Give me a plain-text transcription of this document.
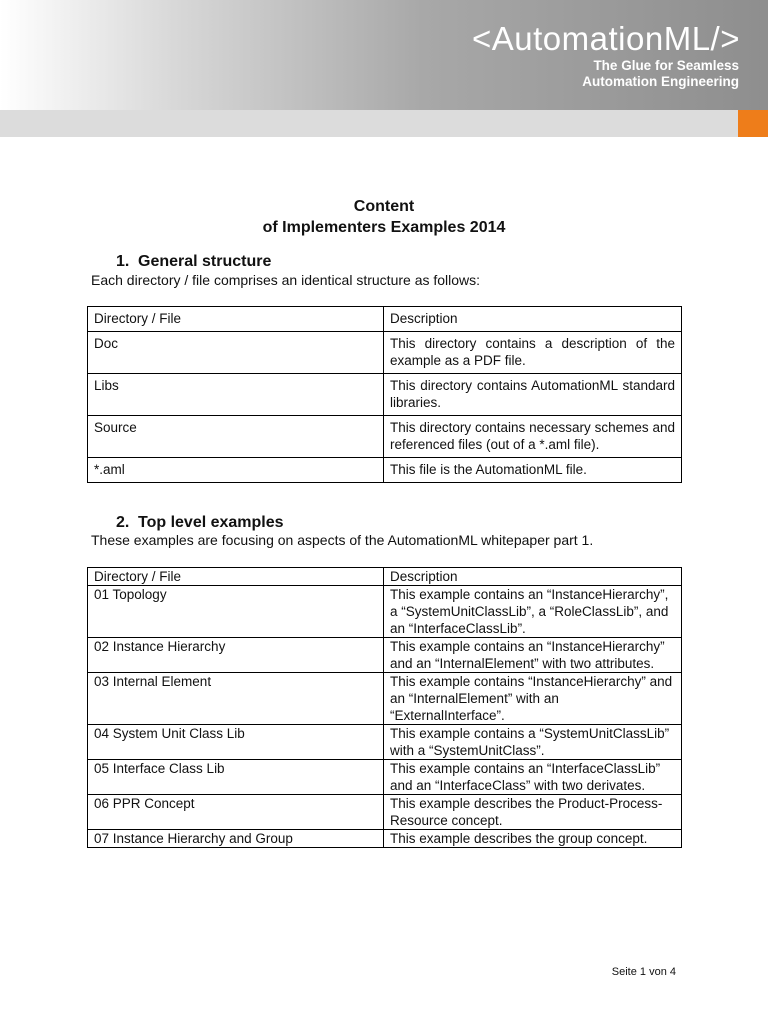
<AutomationML/>
The Glue for Seamless
Automation Engineering
Content
of Implementers Examples 2014
1. General structure
Each directory / file comprises an identical structure as follows:
Directory / File	Description
Doc	This directory contains a description of the example as a PDF file.
Libs	This directory contains AutomationML standard libraries.
Source	This directory contains necessary schemes and referenced files (out of a *.aml file).
*.aml	This file is the AutomationML file.
2. Top level examples
These examples are focusing on aspects of the AutomationML whitepaper part 1.
Directory / File	Description
01 Topology	This example contains an “InstanceHierarchy”, a “SystemUnitClassLib”, a “RoleClassLib”, and an “InterfaceClassLib”.
02 Instance Hierarchy	This example contains an “InstanceHierarchy” and an “InternalElement” with two attributes.
03 Internal Element	This example contains “InstanceHierarchy” and an “InternalElement” with an “ExternalInterface”.
04 System Unit Class Lib	This example contains a “SystemUnitClassLib” with a “SystemUnitClass”.
05 Interface Class Lib	This example contains an “InterfaceClassLib” and an “InterfaceClass” with two derivates.
06 PPR Concept	This example describes the Product-Process-Resource concept.
07 Instance Hierarchy and Group	This example describes the group concept.
Seite 1 von 4
